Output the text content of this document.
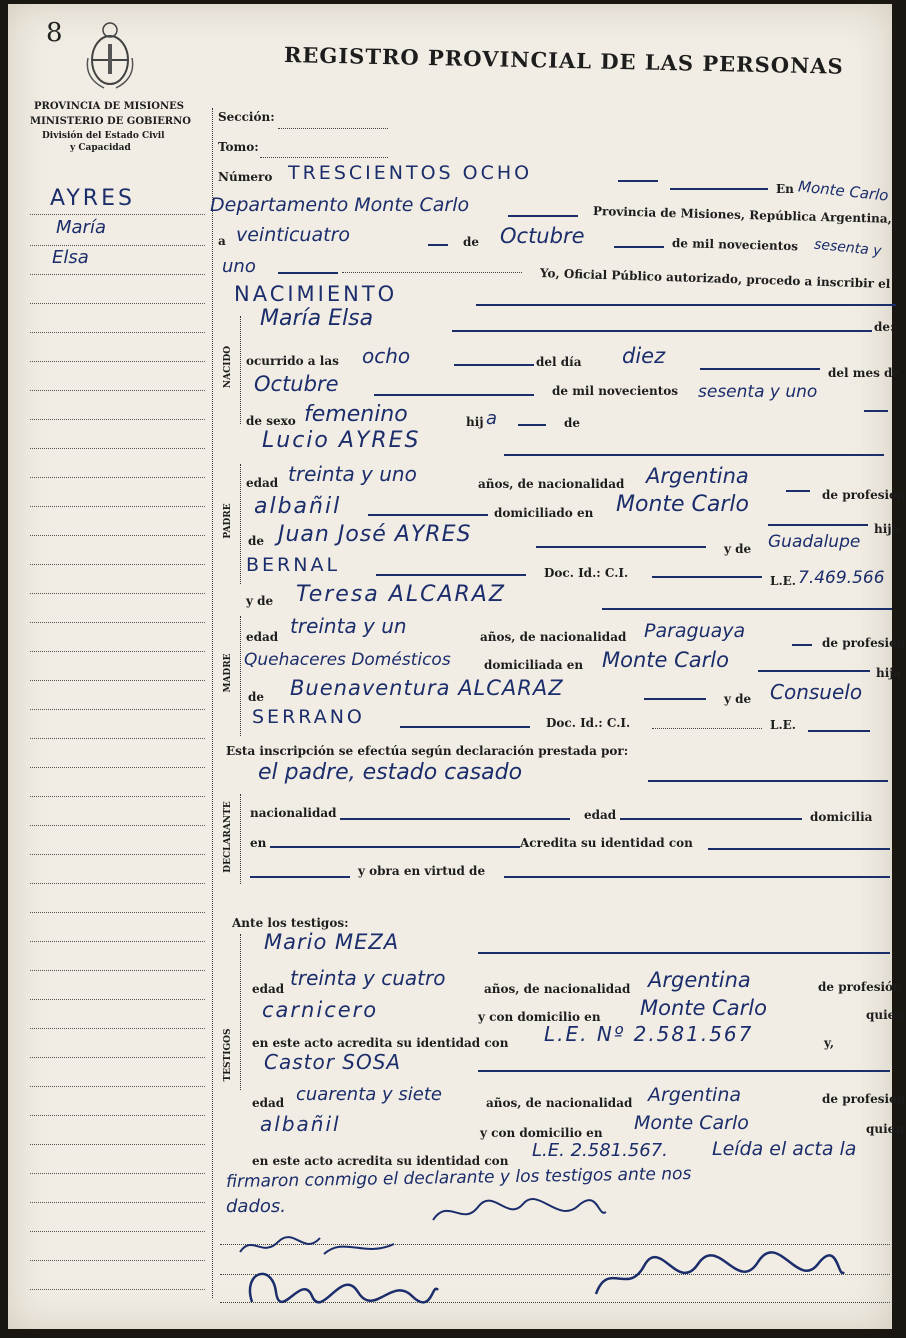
8
REGISTRO PROVINCIAL DE LAS PERSONAS
PROVINCIA DE MISIONES
MINISTERIO DE GOBIERNO
División del Estado Civil
y Capacidad
AYRES
María
Elsa
Sección:
Tomo:
Número TRESCIENTOS OCHO
En Monte Carlo
Departamento Monte Carlo	Provincia de Misiones, República Argentina,
a veinticuatro	de Octubre	de mil novecientos sesenta y
uno	Yo, Oficial Público autorizado, procedo a inscribir el
NACIMIENTO
NACIDO
María Elsa	de:
ocurrido a las ocho	del día diez
del mes de
Octubre	de mil novecientos sesenta y uno
de sexo femenino	hij a	de
Lucio AYRES
PADRE
edad treinta y uno	años, de nacionalidad Argentina
de profesión
albañil	domiciliado en Monte Carlo
hijo
de Juan José AYRES
y de Guadalupe
BERNAL	Doc. Id.: C.I.
L.E. 7.469.566
y de Teresa ALCARAZ
MADRE
edad treinta y un	años, de nacionalidad Paraguaya
de profesión
Quehaceres Domésticos	domiciliada en Monte Carlo
hija
de Buenaventura ALCARAZ	y de Consuelo
SERRANO	Doc. Id.: C.I.	L.E.
Esta inscripción se efectúa según declaración prestada por:
el padre, estado casado
DECLARANTE nacionalidad	edad	domicilia
en	Acredita su identidad con
y obra en virtud de
Ante los testigos:
TESTIGOS
Mario MEZA
edad treinta y cuatro	años, de nacionalidad Argentina	de profesión
carnicero	y con domicilio en Monte Carlo	quien
en este acto acredita su identidad con L.E. Nº 2.581.567	y,
Castor SOSA
edad cuarenta y siete	años, de nacionalidad Argentina	de profesión
albañil	y con domicilio en Monte Carlo	quien
en este acto acredita su identidad con L.E. 2.581.567. Leída el acta la
firmaron conmigo el declarante y los testigos ante nos
dados.
